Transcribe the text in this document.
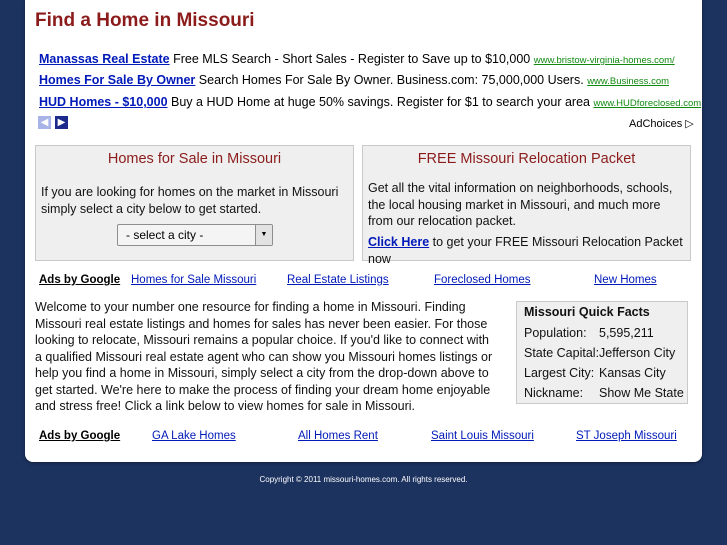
Find a Home in Missouri
Manassas Real Estate Free MLS Search - Short Sales - Register to Save up to $10,000 www.bristow-virginia-homes.com/
Homes For Sale By Owner Search Homes For Sale By Owner. Business.com: 75,000,000 Users. www.Business.com
HUD Homes - $10,000 Buy a HUD Home at huge 50% savings. Register for $1 to search your area www.HUDforeclosed.com
◀ ▶	AdChoices ▷
Homes for Sale in Missouri
If you are looking for homes on the market in Missouri simply select a city below to get started.
- select a city -	▼
FREE Missouri Relocation Packet
Get all the vital information on neighborhoods, schools, the local housing market in Missouri, and much more from our relocation packet.
Click Here to get your FREE Missouri Relocation Packet now
Ads by Google Homes for Sale Missouri	Real Estate Listings	Foreclosed Homes	New Homes
Welcome to your number one resource for finding a home in Missouri. Finding Missouri real estate listings and homes for sales has never been easier. For those looking to relocate, Missouri remains a popular choice. If you'd like to connect with a qualified Missouri real estate agent who can show you Missouri homes listings or help you find a home in Missouri, simply select a city from the drop-down above to get started. We're here to make the process of finding your dream home enjoyable and stress free! Click a link below to view homes for sale in Missouri.
Missouri Quick Facts
Population: 5,595,211
State Capital: Jefferson City
Largest City: Kansas City
Nickname: Show Me State
Ads by Google	GA Lake Homes	All Homes Rent	Saint Louis Missouri	ST Joseph Missouri
Copyright © 2011 missouri-homes.com. All rights reserved.
